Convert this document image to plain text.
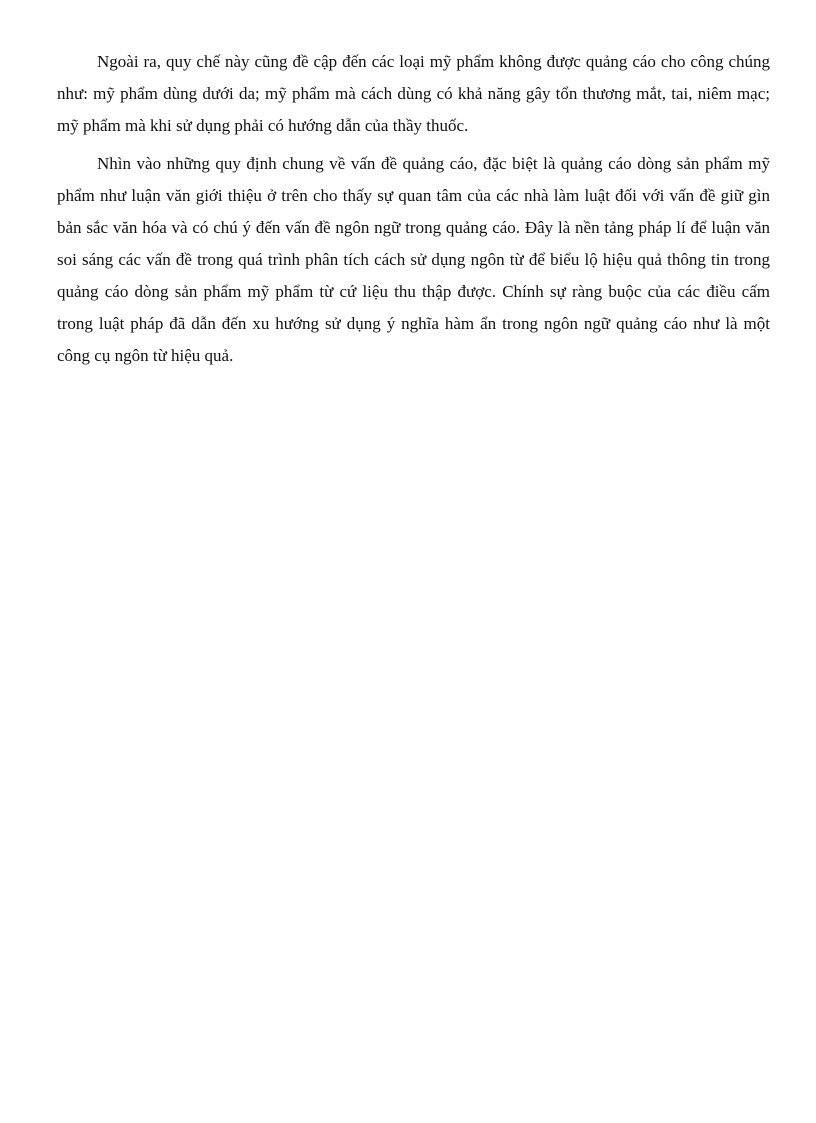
Ngoài ra, quy chế này cũng đề cập đến các loại mỹ phẩm không được quảng cáo cho công chúng như: mỹ phẩm dùng dưới da; mỹ phẩm mà cách dùng có khả năng gây tổn thương mắt, tai, niêm mạc; mỹ phẩm mà khi sử dụng phải có hướng dẫn của thầy thuốc.

Nhìn vào những quy định chung về vấn đề quảng cáo, đặc biệt là quảng cáo dòng sản phẩm mỹ phẩm như luận văn giới thiệu ở trên cho thấy sự quan tâm của các nhà làm luật đối với vấn đề giữ gìn bản sắc văn hóa và có chú ý đến vấn đề ngôn ngữ trong quảng cáo. Đây là nền tảng pháp lí để luận văn soi sáng các vấn đề trong quá trình phân tích cách sử dụng ngôn từ để biểu lộ hiệu quả thông tin trong quảng cáo dòng sản phẩm mỹ phẩm từ cứ liệu thu thập được. Chính sự ràng buộc của các điều cấm trong luật pháp đã dẫn đến xu hướng sử dụng ý nghĩa hàm ẩn trong ngôn ngữ quảng cáo như là một công cụ ngôn từ hiệu quả.
